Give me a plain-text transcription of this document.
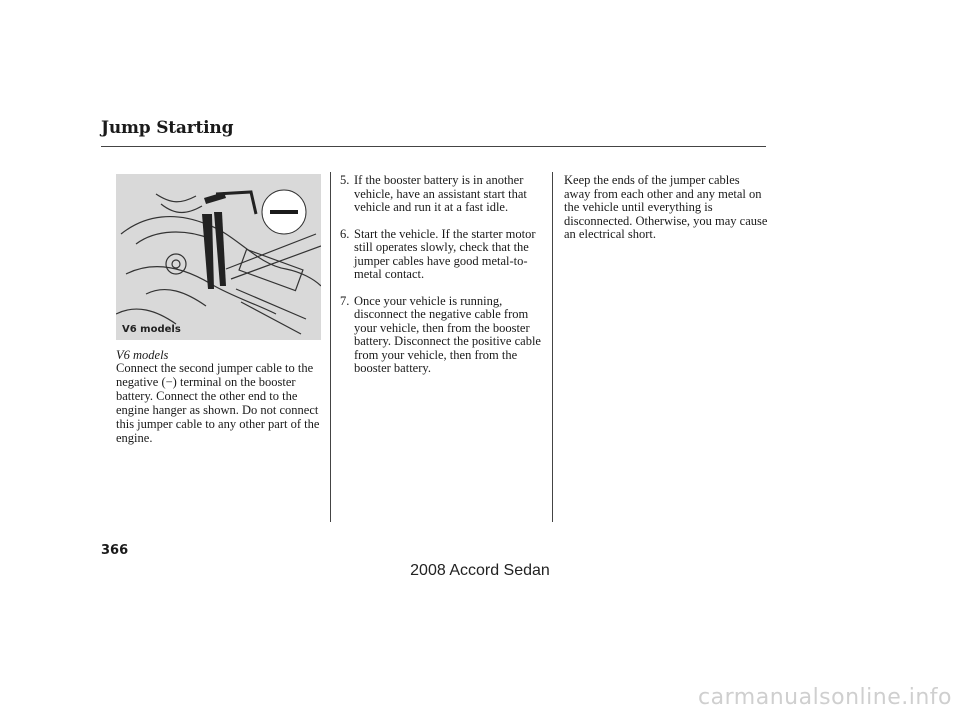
Jump Starting
V6 models
V6 models

Connect the second jumper cable to the negative (−) terminal on the booster battery. Connect the other end to the engine hanger as shown. Do not connect this jumper cable to any other part of the engine.

5. If the booster battery is in another vehicle, have an assistant start that vehicle and run it at a fast idle.
6. Start the vehicle. If the starter motor still operates slowly, check that the jumper cables have good metal-to-metal contact.
7. Once your vehicle is running, disconnect the negative cable from your vehicle, then from the booster battery. Disconnect the positive cable from your vehicle, then from the booster battery.

Keep the ends of the jumper cables away from each other and any metal on the vehicle until everything is disconnected. Otherwise, you may cause an electrical short.

366
2008 Accord Sedan
carmanualsonline.info
